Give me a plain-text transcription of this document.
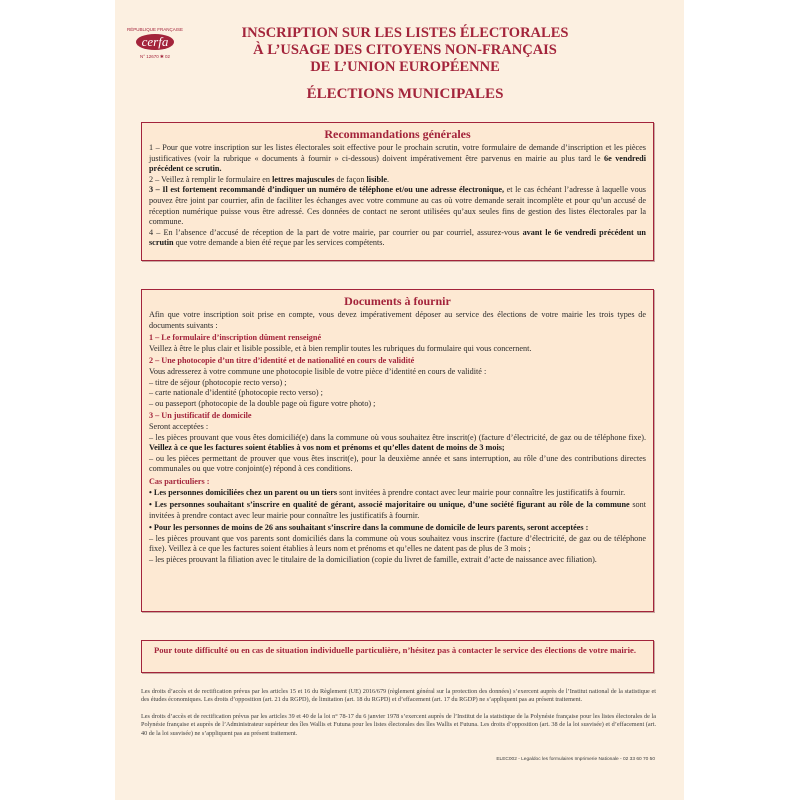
RÉPUBLIQUE FRANÇAISE
cerfa
N° 12670 ✱ 02
INSCRIPTION SUR LES LISTES ÉLECTORALES
À L’USAGE DES CITOYENS NON-FRANÇAIS
DE L’UNION EUROPÉENNE
ÉLECTIONS MUNICIPALES
Recommandations générales

1 – Pour que votre inscription sur les listes électorales soit effective pour le prochain scrutin, votre formulaire de demande d’inscription et les pièces justificatives (voir la rubrique « documents à fournir » ci-dessous) doivent impérativement être parvenus en mairie au plus tard le 6e vendredi précédent ce scrutin.

2 – Veillez à remplir le formulaire en lettres majuscules de façon lisible.

3 – Il est fortement recommandé d’indiquer un numéro de téléphone et/ou une adresse électronique, et le cas échéant l’adresse à laquelle vous pouvez être joint par courrier, afin de faciliter les échanges avec votre commune au cas où votre demande serait incomplète et pour qu’un accusé de réception numérique puisse vous être adressé. Ces données de contact ne seront utilisées qu’aux seules fins de gestion des listes électorales par la commune.

4 – En l’absence d’accusé de réception de la part de votre mairie, par courrier ou par courriel, assurez-vous avant le 6e vendredi précédent un scrutin que votre demande a bien été reçue par les services compétents.

Documents à fournir
Afin que votre inscription soit prise en compte, vous devez impérativement déposer au service des élections de votre mairie les trois types de documents suivants :
1 – Le formulaire d’inscription dûment renseigné
Veillez à être le plus clair et lisible possible, et à bien remplir toutes les rubriques du formulaire qui vous concernent.
2 – Une photocopie d’un titre d’identité et de nationalité en cours de validité
Vous adresserez à votre commune une photocopie lisible de votre pièce d’identité en cours de validité :
– titre de séjour (photocopie recto verso) ;
– carte nationale d’identité (photocopie recto verso) ;
– ou passeport (photocopie de la double page où figure votre photo) ;
3 – Un justificatif de domicile
Seront acceptées :
– les pièces prouvant que vous êtes domicilié(e) dans la commune où vous souhaitez être inscrit(e) (facture d’électricité, de gaz ou de téléphone fixe). Veillez à ce que les factures soient établies à vos nom et prénoms et qu’elles datent de moins de 3 mois;
– ou les pièces permettant de prouver que vous êtes inscrit(e), pour la deuxième année et sans interruption, au rôle d’une des contributions directes communales ou que votre conjoint(e) répond à ces conditions.
Cas particuliers :
• Les personnes domiciliées chez un parent ou un tiers sont invitées à prendre contact avec leur mairie pour connaître les justificatifs à fournir.
• Les personnes souhaitant s’inscrire en qualité de gérant, associé majoritaire ou unique, d’une société figurant au rôle de la commune sont invitées à prendre contact avec leur mairie pour connaître les justificatifs à fournir.
• Pour les personnes de moins de 26 ans souhaitant s’inscrire dans la commune de domicile de leurs parents, seront acceptées :
– les pièces prouvant que vos parents sont domiciliés dans la commune où vous souhaitez vous inscrire (facture d’électricité, de gaz ou de téléphone fixe). Veillez à ce que les factures soient établies à leurs nom et prénoms et qu’elles ne datent pas de plus de 3 mois ;
– les pièces prouvant la filiation avec le titulaire de la domiciliation (copie du livret de famille, extrait d’acte de naissance avec filiation).
Pour toute difficulté ou en cas de situation individuelle particulière, n’hésitez pas à contacter le service des élections de votre mairie.
Les droits d’accès et de rectification prévus par les articles 15 et 16 du Règlement (UE) 2016/679 (règlement général sur la protection des données) s’exercent auprès de l’Institut national de la statistique et des études économiques. Les droits d’opposition (art. 21 du RGPD), de limitation (art. 18 du RGPD) et d’effacement (art. 17 du RGDP) ne s’appliquent pas au présent traitement.
Les droits d’accès et de rectification prévus par les articles 39 et 40 de la loi n° 78-17 du 6 janvier 1978 s’exercent auprès de l’Institut de la statistique de la Polynésie française pour les listes électorales de la Polynésie française et auprès de l’Administrateur supérieur des îles Wallis et Futuna pour les listes électorales des îles Wallis et Futuna. Les droits d’opposition (art. 38 de la loi susvisée) et d’effacement (art. 40 de la loi susvisée) ne s’appliquent pas au présent traitement.
ELEC002 - Legaldoc les formulaires Imprimerie Nationale - 02 33 60 70 50
